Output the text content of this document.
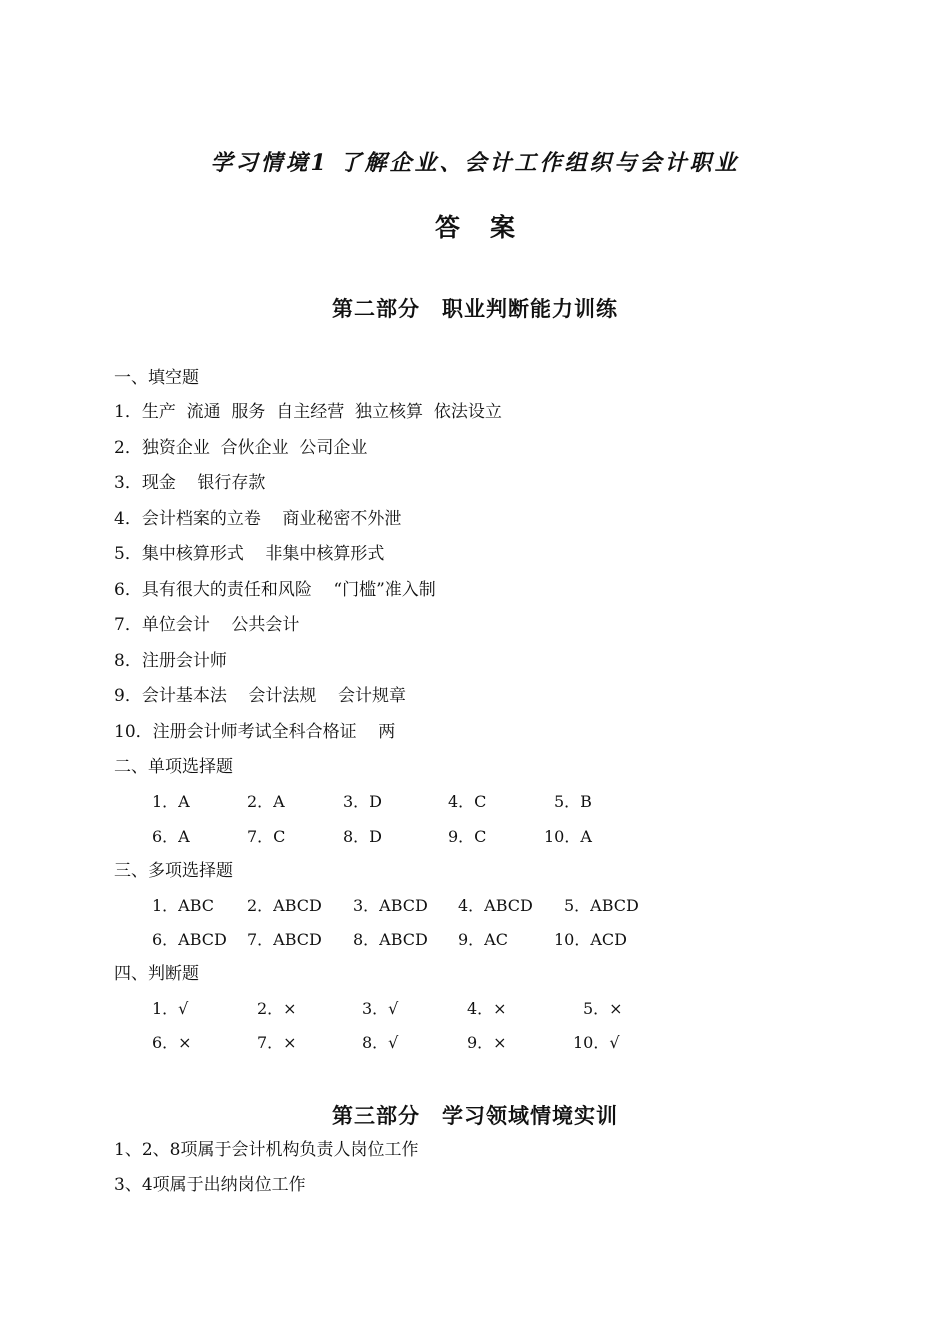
学习情境1 了解企业、会计工作组织与会计职业
答案
第二部分　职业判断能力训练
一、填空题
1．生产  流通  服务  自主经营  独立核算  依法设立
2．独资企业  合伙企业  公司企业
3．现金    银行存款
4．会计档案的立卷    商业秘密不外泄
5．集中核算形式    非集中核算形式
6．具有很大的责任和风险    “门槛”准入制
7．单位会计    公共会计
8．注册会计师
9．会计基本法    会计法规    会计规章
10．注册会计师考试全科合格证    两
二、单项选择题
1．A	2．A	3．D	4．C	5．B
6．A	7．C	8．D	9．C	10．A
三、多项选择题
1．ABC 2．ABCD 3．ABCD 4．ABCD 5．ABCD
6．ABCD 7．ABCD 8．ABCD 9．AC	10．ACD
四、判断题
1．√	2．×	3．√	4．×	5．×
6．×	7．×	8．√	9．×	10．√
第三部分　学习领域情境实训
1、2、8项属于会计机构负责人岗位工作
3、4项属于出纳岗位工作
